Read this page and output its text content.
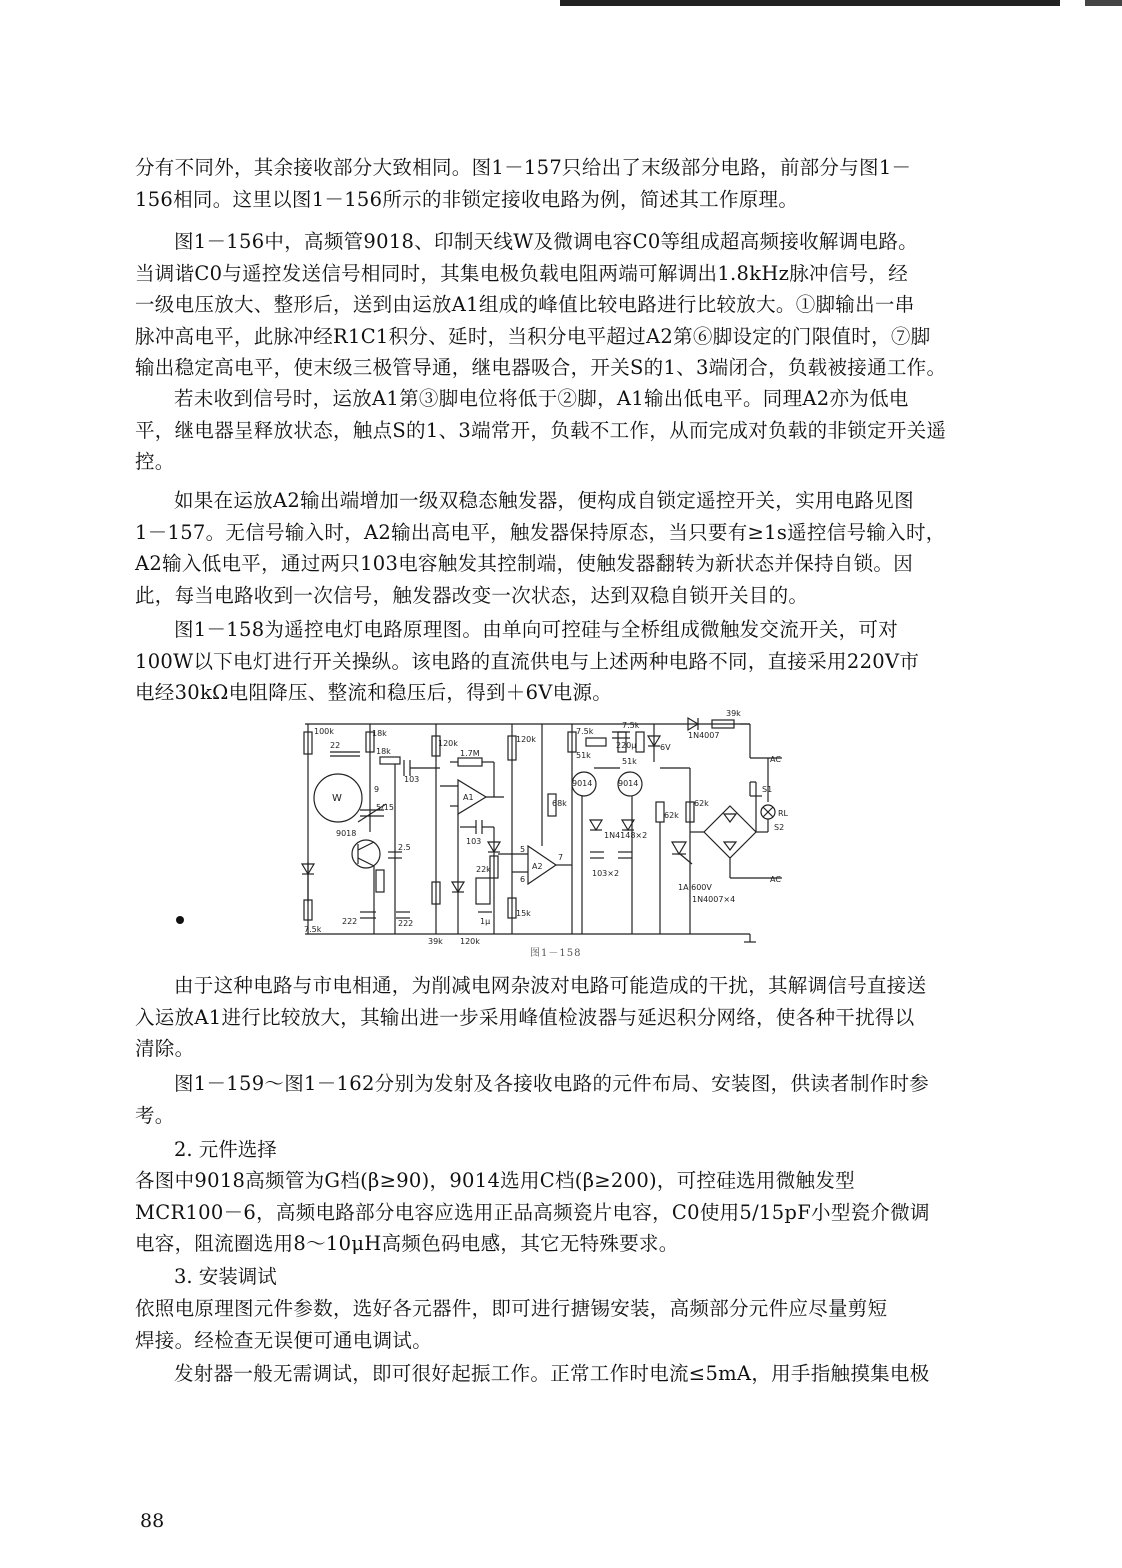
分有不同外，其余接收部分大致相同。图1－157只给出了末级部分电路，前部分与图1－
156相同。这里以图1－156所示的非锁定接收电路为例，简述其工作原理。
图1－156中，高频管9018、印制天线W及微调电容C0等组成超高频接收解调电路。
当调谐C0与遥控发送信号相同时，其集电极负载电阻两端可解调出1.8kHz脉冲信号，经
一级电压放大、整形后，送到由运放A1组成的峰值比较电路进行比较放大。①脚输出一串
脉冲高电平，此脉冲经R1C1积分、延时，当积分电平超过A2第⑥脚设定的门限值时，⑦脚
输出稳定高电平，使末级三极管导通，继电器吸合，开关S的1、3端闭合，负载被接通工作。
若未收到信号时，运放A1第③脚电位将低于②脚，A1输出低电平。同理A2亦为低电
平，继电器呈释放状态，触点S的1、3端常开，负载不工作，从而完成对负载的非锁定开关遥
控。
如果在运放A2输出端增加一级双稳态触发器，便构成自锁定遥控开关，实用电路见图
1－157。无信号输入时，A2输出高电平，触发器保持原态，当只要有≥1s遥控信号输入时，
A2输入低电平，通过两只103电容触发其控制端，使触发器翻转为新状态并保持自锁。因
此，每当电路收到一次信号，触发器改变一次状态，达到双稳自锁开关目的。
图1－158为遥控电灯电路原理图。由单向可控硅与全桥组成微触发交流开关，可对
100W以下电灯进行开关操纵。该电路的直流供电与上述两种电路不同，直接采用220V市
电经30kΩ电阻降压、整流和稳压后，得到＋6V电源。
100k
22
18k
18k
103
9
5/15
W
9018
7.5k
222	222
2.5
120k
1.7M
A1
103
39k 120k
120k
22k
1μ
15k
A2
5
6
7
51k
51k
7.5k
7.5k
220μ
9014	9014
62k
62k
68k
1N4148×2
103×2
6V
1N4007
39k
1A 600V
1N4007×4
AC
AC
S1
S2
RL
图1－158
由于这种电路与市电相通，为削减电网杂波对电路可能造成的干扰，其解调信号直接送
入运放A1进行比较放大，其输出进一步采用峰值检波器与延迟积分网络，使各种干扰得以
清除。
图1－159～图1－162分别为发射及各接收电路的元件布局、安装图，供读者制作时参
考。
2. 元件选择
各图中9018高频管为G档(β≥90)，9014选用C档(β≥200)，可控硅选用微触发型
MCR100－6，高频电路部分电容应选用正品高频瓷片电容，C0使用5/15pF小型瓷介微调
电容，阻流圈选用8～10μH高频色码电感，其它无特殊要求。
3. 安装调试
依照电原理图元件参数，选好各元器件，即可进行搪锡安装，高频部分元件应尽量剪短
焊接。经检查无误便可通电调试。
发射器一般无需调试，即可很好起振工作。正常工作时电流≤5mA，用手指触摸集电极
88
